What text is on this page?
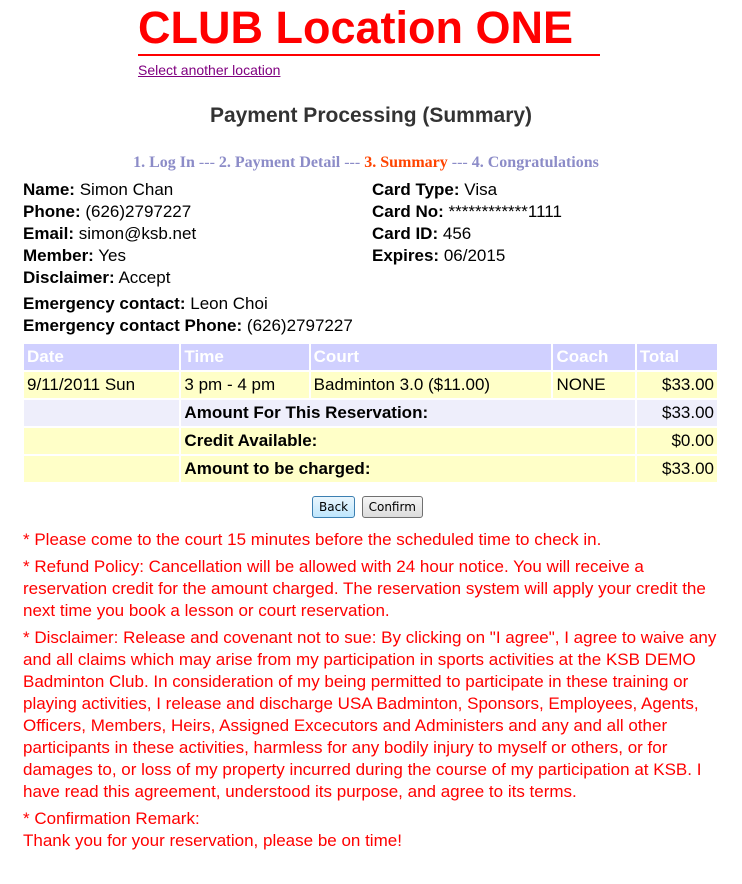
CLUB Location ONE
Select another location
Payment Processing (Summary)
1. Log In --- 2. Payment Detail --- 3. Summary --- 4. Congratulations
Name: Simon Chan
Phone: (626)2797227
Email: simon@ksb.net
Member: Yes
Disclaimer: Accept
Card Type: Visa
Card No: ************1111
Card ID: 456
Expires: 06/2015
Emergency contact: Leon Choi
Emergency contact Phone: (626)2797227
Date	Time	Court	Coach	Total
9/11/2011 Sun	3 pm - 4 pm	Badminton 3.0 ($11.00)	NONE	$33.00
	Amount For This Reservation:			$33.00
	Credit Available:			$0.00
	Amount to be charged:			$33.00
Back Confirm

* Please come to the court 15 minutes before the scheduled time to check in.

* Refund Policy: Cancellation will be allowed with 24 hour notice. You will receive a reservation credit for the amount charged. The reservation system will apply your credit the next time you book a lesson or court reservation.

* Disclaimer: Release and covenant not to sue: By clicking on "I agree", I agree to waive any and all claims which may arise from my participation in sports activities at the KSB DEMO Badminton Club. In consideration of my being permitted to participate in these training or playing activities, I release and discharge USA Badminton, Sponsors, Employees, Agents, Officers, Members, Heirs, Assigned Excecutors and Administers and any and all other participants in these activities, harmless for any bodily injury to myself or others, or for damages to, or loss of my property incurred during the course of my participation at KSB. I have read this agreement, understood its purpose, and agree to its terms.

* Confirmation Remark:
Thank you for your reservation, please be on time!
